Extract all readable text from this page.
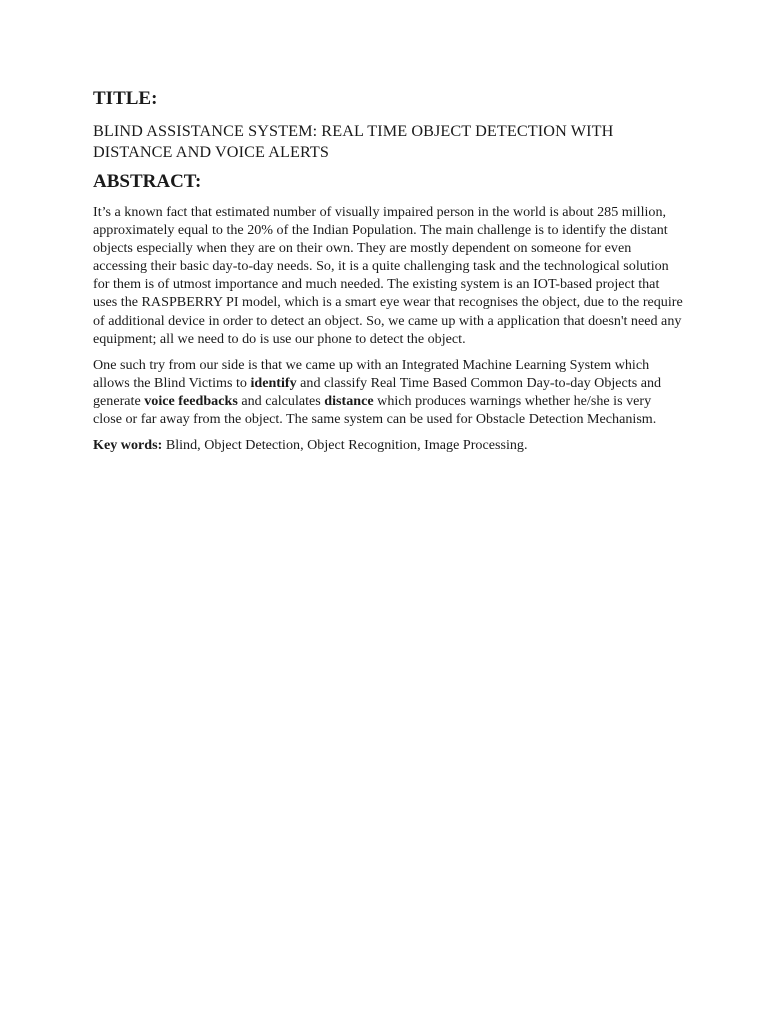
TITLE:
BLIND ASSISTANCE SYSTEM: REAL TIME OBJECT DETECTION WITH DISTANCE AND VOICE ALERTS
ABSTRACT:

It’s a known fact that estimated number of visually impaired person in the world is about 285 million, approximately equal to the 20% of the Indian Population. The main challenge is to identify the distant objects especially when they are on their own. They are mostly dependent on someone for even accessing their basic day-to-day needs. So, it is a quite challenging task and the technological solution for them is of utmost importance and much needed. The existing system is an IOT-based project that uses the RASPBERRY PI model, which is a smart eye wear that recognises the object, due to the require of additional device in order to detect an object. So, we came up with a application that doesn't need any equipment; all we need to do is use our phone to detect the object.

One such try from our side is that we came up with an Integrated Machine Learning System which allows the Blind Victims to identify and classify Real Time Based Common Day-to-day Objects and generate voice feedbacks and calculates distance which produces warnings whether he/she is very close or far away from the object. The same system can be used for Obstacle Detection Mechanism.

Key words: Blind, Object Detection, Object Recognition, Image Processing.
